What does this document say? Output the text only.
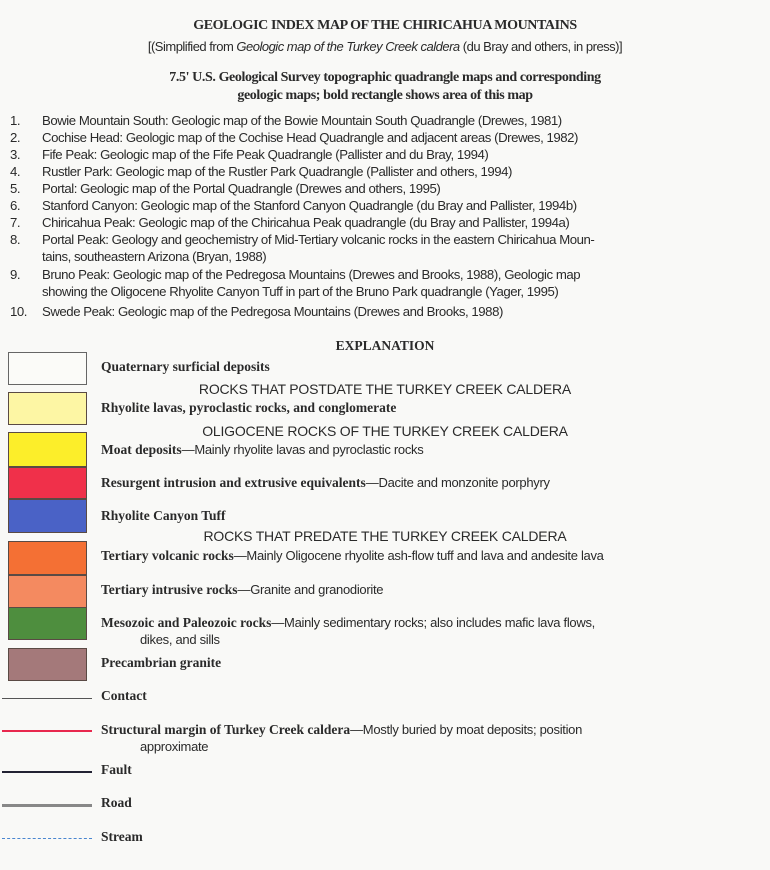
GEOLOGIC INDEX MAP OF THE CHIRICAHUA MOUNTAINS
[(Simplified from Geologic map of the Turkey Creek caldera (du Bray and others, in press)]
7.5' U.S. Geological Survey topographic quadrangle maps and corresponding
geologic maps; bold rectangle shows area of this map
1. Bowie Mountain South: Geologic map of the Bowie Mountain South Quadrangle (Drewes, 1981)
2. Cochise Head: Geologic map of the Cochise Head Quadrangle and adjacent areas (Drewes, 1982)
3. Fife Peak: Geologic map of the Fife Peak Quadrangle (Pallister and du Bray, 1994)
4. Rustler Park: Geologic map of the Rustler Park Quadrangle (Pallister and others, 1994)
5. Portal: Geologic map of the Portal Quadrangle (Drewes and others, 1995)
6. Stanford Canyon: Geologic map of the Stanford Canyon Quadrangle (du Bray and Pallister, 1994b)
7. Chiricahua Peak: Geologic map of the Chiricahua Peak quadrangle (du Bray and Pallister, 1994a)
8. Portal Peak: Geology and geochemistry of Mid-Tertiary volcanic rocks in the eastern Chiricahua Moun-
tains, southeastern Arizona (Bryan, 1988)
9. Bruno Peak: Geologic map of the Pedregosa Mountains (Drewes and Brooks, 1988), Geologic map
showing the Oligocene Rhyolite Canyon Tuff in part of the Bruno Park quadrangle (Yager, 1995)
10. Swede Peak: Geologic map of the Pedregosa Mountains (Drewes and Brooks, 1988)
EXPLANATION
ROCKS THAT POSTDATE THE TURKEY CREEK CALDERA
OLIGOCENE ROCKS OF THE TURKEY CREEK CALDERA
ROCKS THAT PREDATE THE TURKEY CREEK CALDERA
Quaternary surficial deposits
Rhyolite lavas, pyroclastic rocks, and conglomerate
Moat deposits—Mainly rhyolite lavas and pyroclastic rocks
Resurgent intrusion and extrusive equivalents—Dacite and monzonite porphyry
Rhyolite Canyon Tuff
Tertiary volcanic rocks—Mainly Oligocene rhyolite ash-flow tuff and lava and andesite lava
Tertiary intrusive rocks—Granite and granodiorite
Mesozoic and Paleozoic rocks—Mainly sedimentary rocks; also includes mafic lava flows,
dikes, and sills
Precambrian granite
Contact
Structural margin of Turkey Creek caldera—Mostly buried by moat deposits; position
approximate
Fault
Road
Stream
